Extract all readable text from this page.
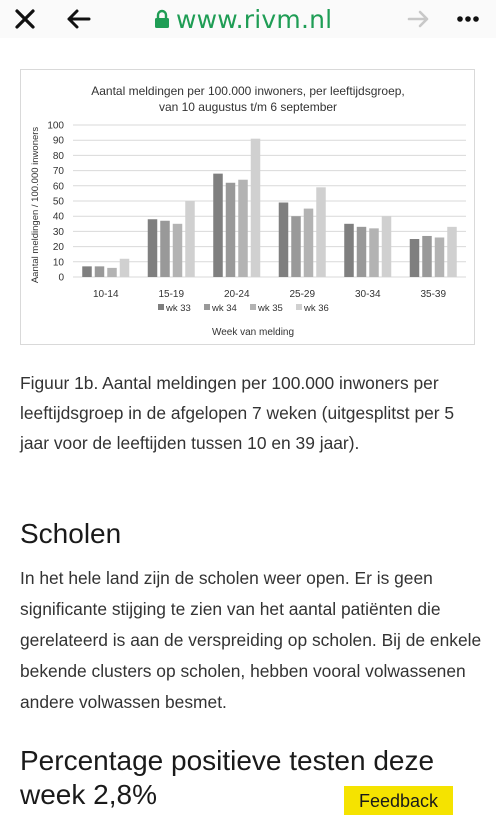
www.rivm.nl
Aantal meldingen per 100.000 inwoners, per leeftijdsgroep,
van 10 augustus t/m 6 september
0
10
20
30
40
50
60
70
80
90
100
Aantal meldingen / 100.000 inwoners
10-14	15-19	20-24	25-29	30-34	35-39
wk 33 wk 34 wk 35 wk 36
Week van melding

Figuur 1b. Aantal meldingen per 100.000 inwoners per leeftijdsgroep in de afgelopen 7 weken (uitgesplitst per 5 jaar voor de leeftijden tussen 10 en 39 jaar).

Scholen

In het hele land zijn de scholen weer open. Er is geen significante stijging te zien van het aantal patiënten die gerelateerd is aan de verspreiding op scholen. Bij de enkele bekende clusters op scholen, hebben vooral volwassenen andere volwassen besmet.

Percentage positieve testen deze week 2,8%	Feedback
